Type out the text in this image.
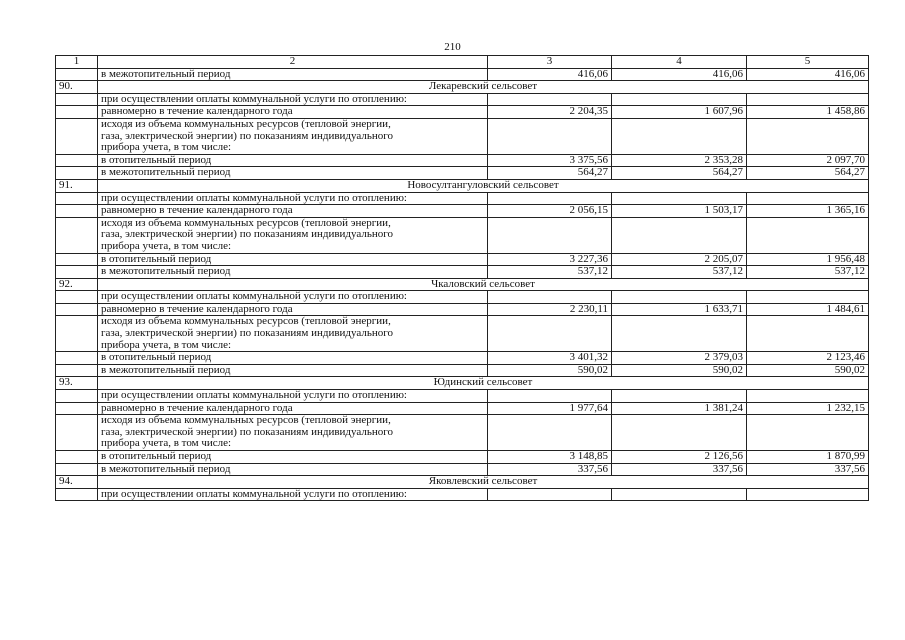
210
1	2	3	4	5
	в межотопительный период	416,06	416,06	416,06
90.	Лекаревский сельсовет			
	при осуществлении оплаты коммунальной услуги по отоплению:			
	равномерно в течение календарного года	2 204,35	1 607,96	1 458,86

	исходя из объема коммунальных ресурсов (тепловой энергии,
газа, электрической энергии) по показаниям индивидуального
прибора учета, в том числе:			

	в отопительный период	3 375,56	2 353,28	2 097,70
	в межотопительный период	564,27	564,27	564,27
91.	Новосултангуловский сельсовет			
	при осуществлении оплаты коммунальной услуги по отоплению:			
	равномерно в течение календарного года	2 056,15	1 503,17	1 365,16

	исходя из объема коммунальных ресурсов (тепловой энергии,
газа, электрической энергии) по показаниям индивидуального
прибора учета, в том числе:			

	в отопительный период	3 227,36	2 205,07	1 956,48
	в межотопительный период	537,12	537,12	537,12
92.	Чкаловский сельсовет			
	при осуществлении оплаты коммунальной услуги по отоплению:			
	равномерно в течение календарного года	2 230,11	1 633,71	1 484,61

	исходя из объема коммунальных ресурсов (тепловой энергии,
газа, электрической энергии) по показаниям индивидуального
прибора учета, в том числе:			

	в отопительный период	3 401,32	2 379,03	2 123,46
	в межотопительный период	590,02	590,02	590,02
93.	Юдинский сельсовет			
	при осуществлении оплаты коммунальной услуги по отоплению:			
	равномерно в течение календарного года	1 977,64	1 381,24	1 232,15

	исходя из объема коммунальных ресурсов (тепловой энергии,
газа, электрической энергии) по показаниям индивидуального
прибора учета, в том числе:			

	в отопительный период	3 148,85	2 126,56	1 870,99
	в межотопительный период	337,56	337,56	337,56
94.	Яковлевский сельсовет			
	при осуществлении оплаты коммунальной услуги по отоплению:			
